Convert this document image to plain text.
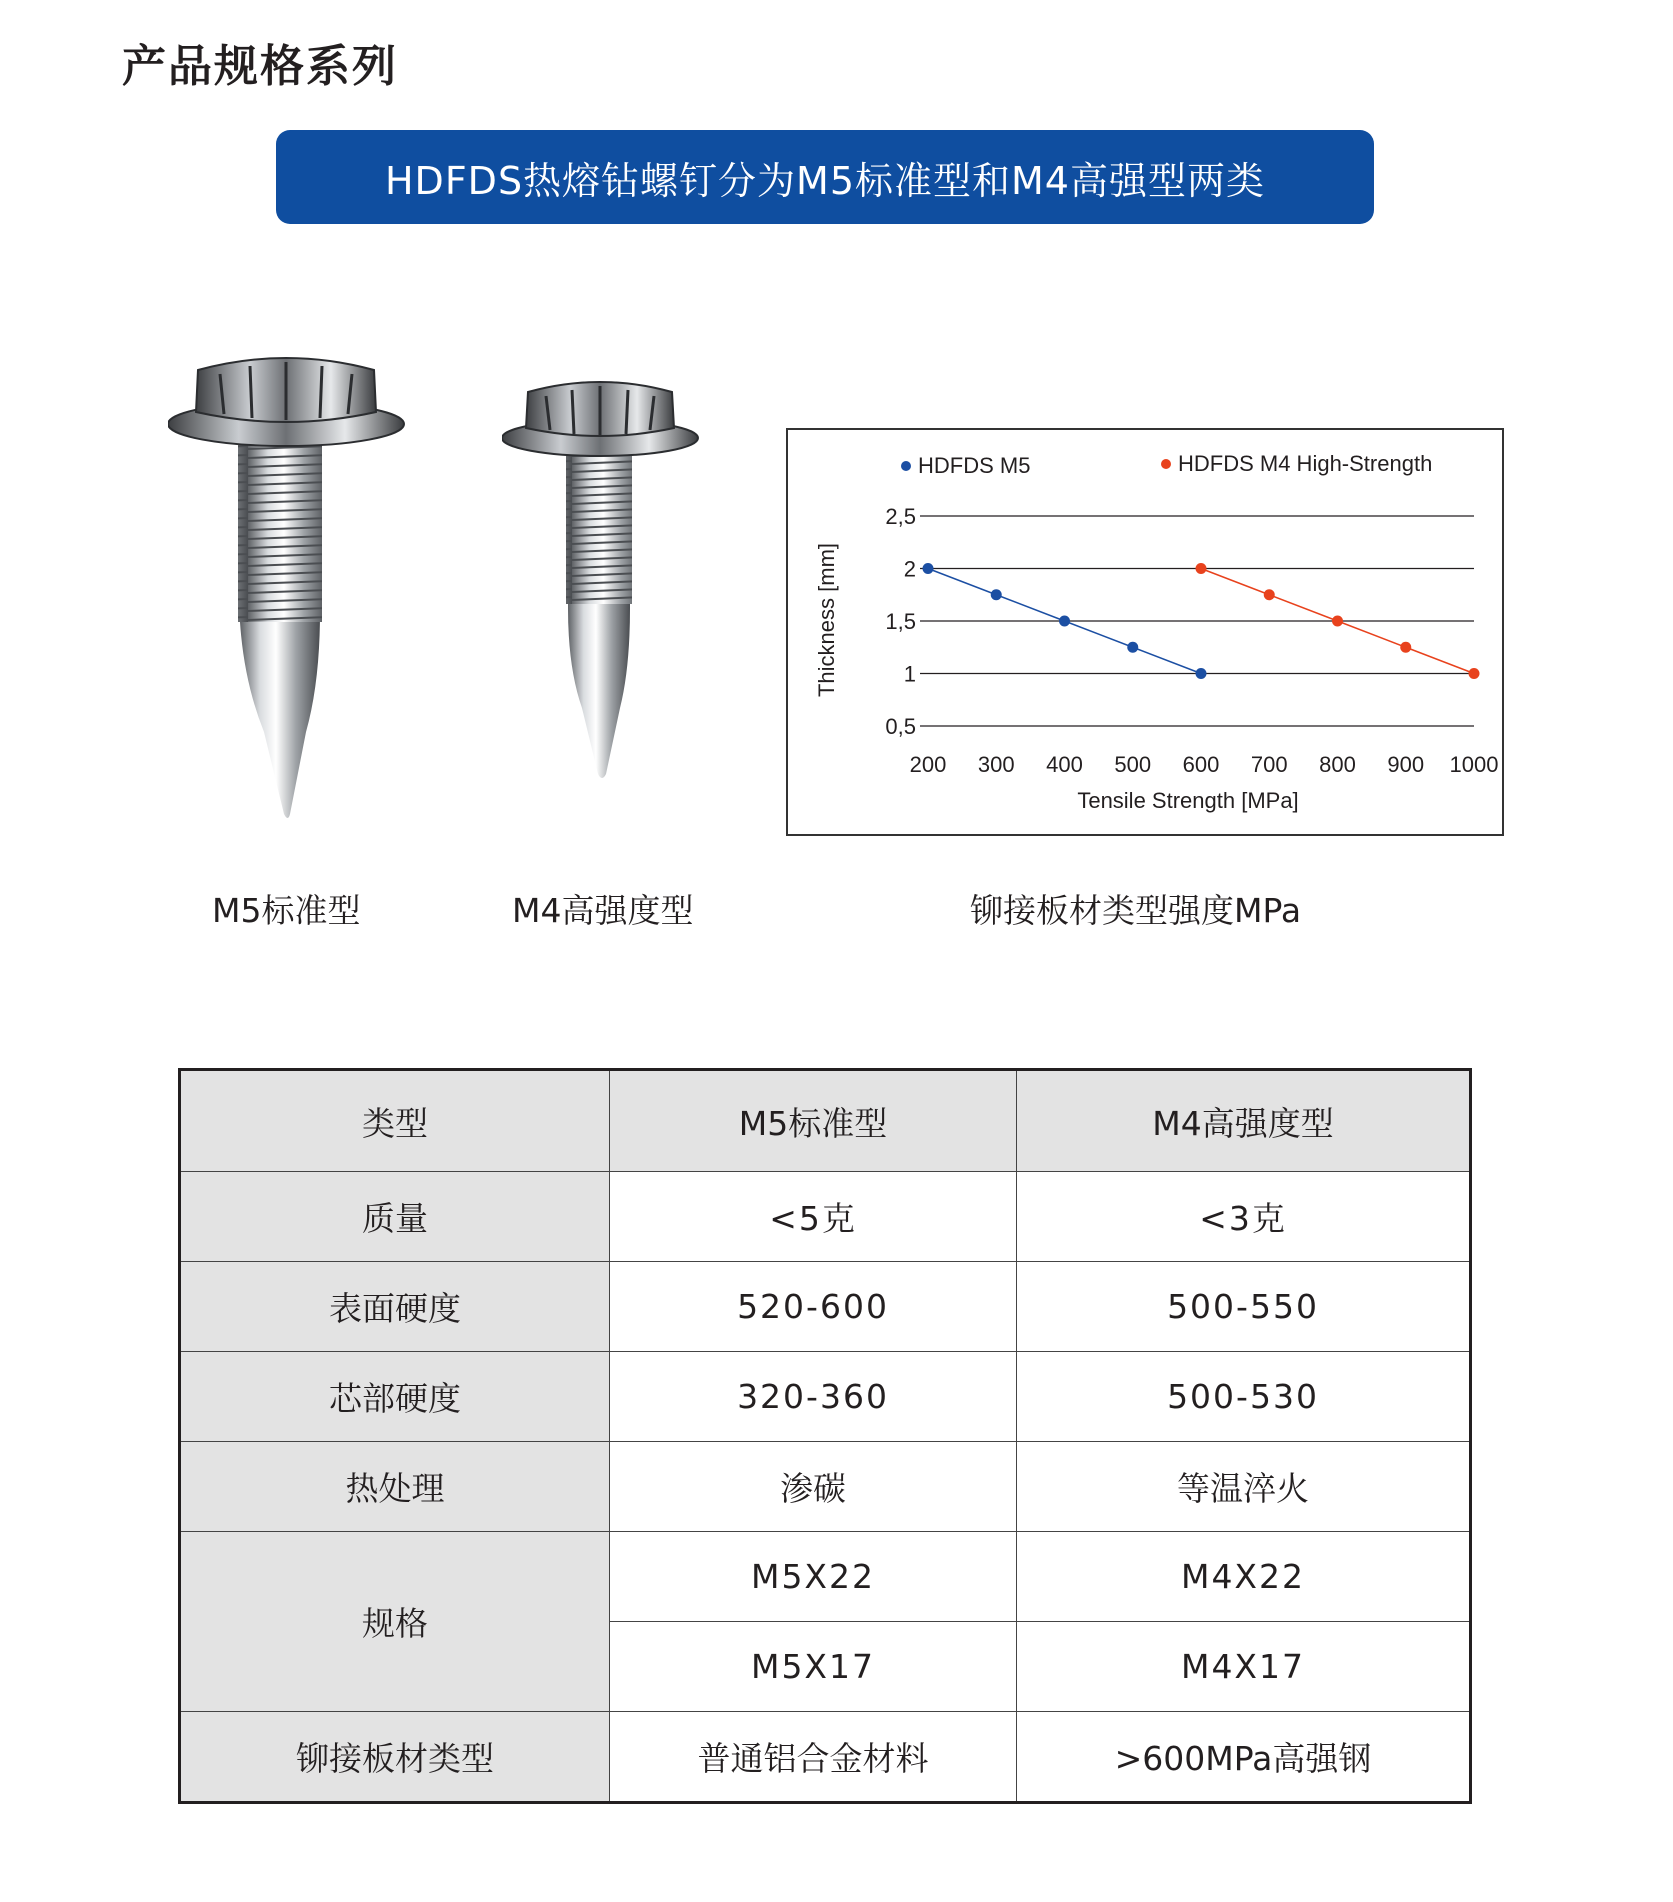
产品规格系列
HDFDS热熔钻螺钉分为M5标准型和M4高强型两类
M5标准型	M4高强度型	铆接板材类型强度MPa
0,5
1
1,5
2
2,5
200 300 400 500 600 700 800 900 1000
HDFDS M5	HDFDS M4 High-Strength
Tensile Strength [MPa]
Thickness [mm]
类型	M5标准型	M4高强度型
质量	<5克	<3克
表面硬度	520-600	500-550
芯部硬度	320-360	500-530
热处理	渗碳	等温淬火
规格	M5X22	M4X22
	M5X17	M4X17
铆接板材类型	普通铝合金材料	>600MPa高强钢
